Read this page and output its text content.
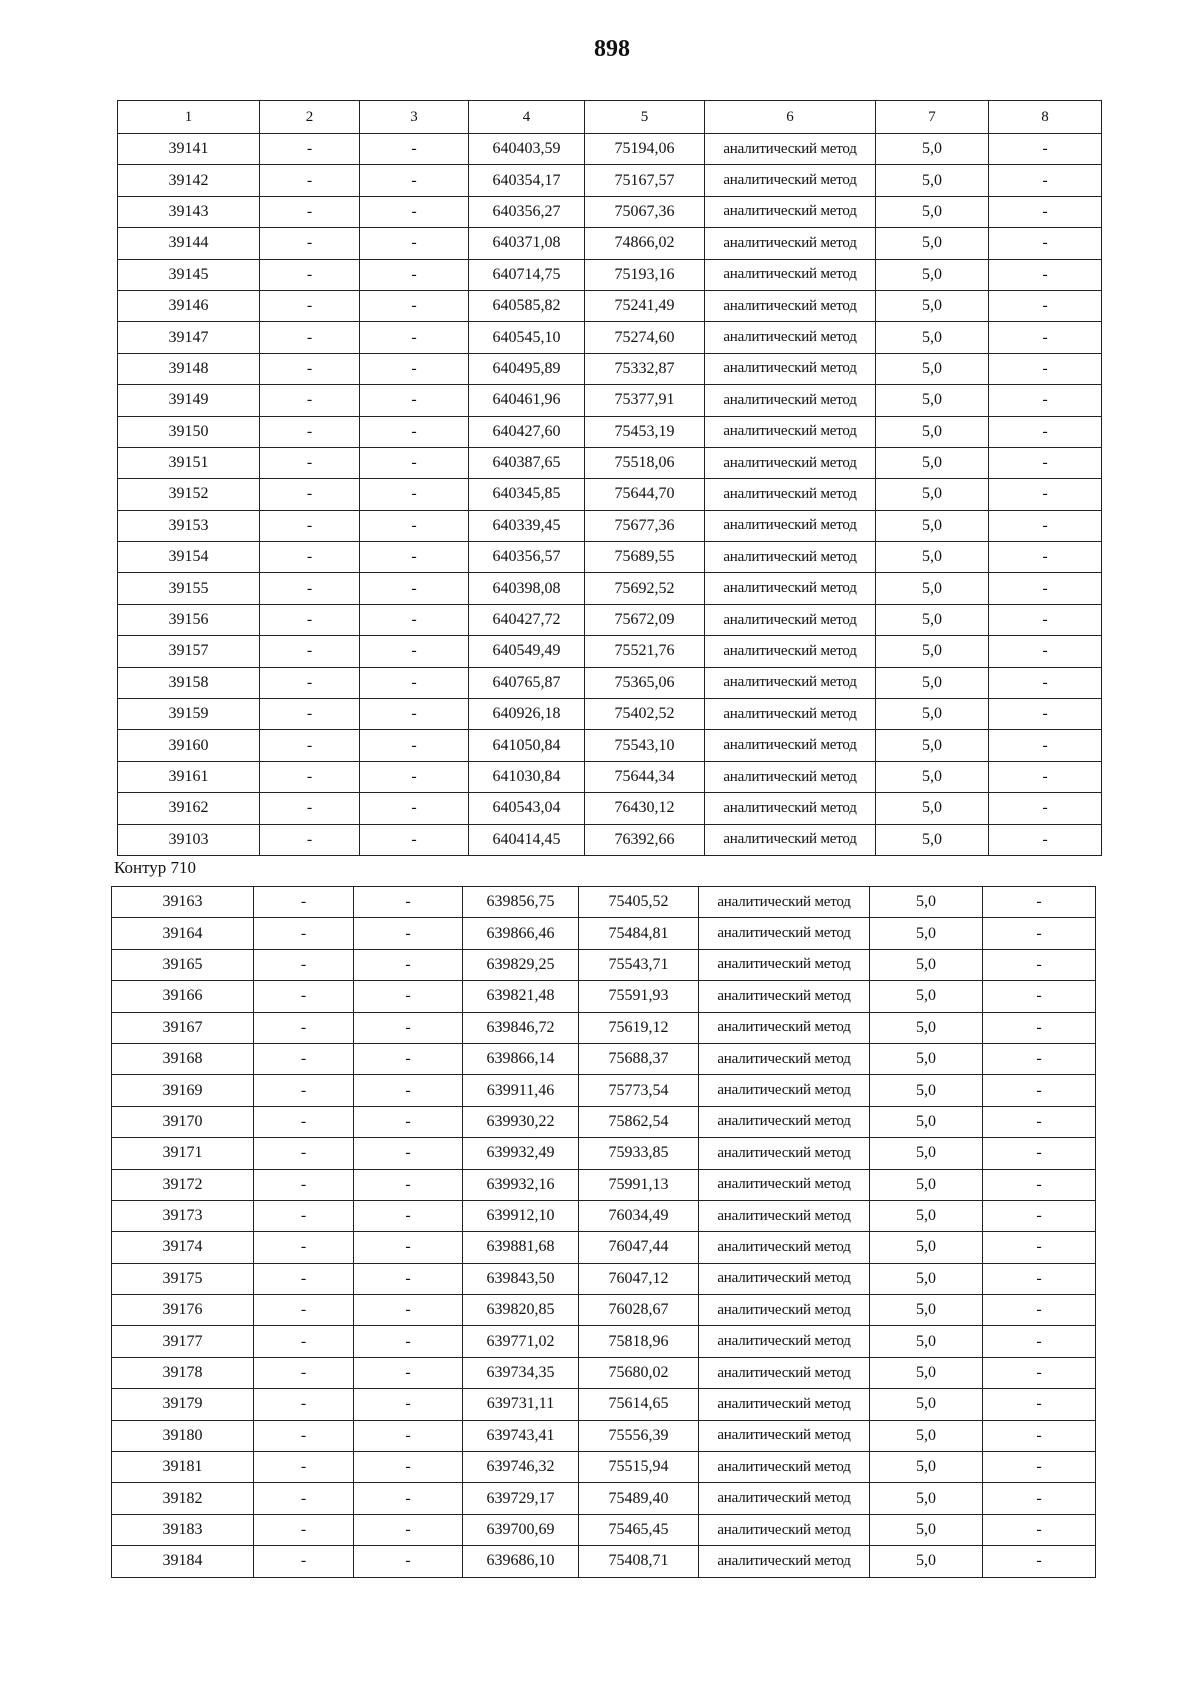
898
1	2	3	4	5	6	7	8
39141	-	-	640403,59	75194,06	аналитический метод	5,0	-
39142	-	-	640354,17	75167,57	аналитический метод	5,0	-
39143	-	-	640356,27	75067,36	аналитический метод	5,0	-
39144	-	-	640371,08	74866,02	аналитический метод	5,0	-
39145	-	-	640714,75	75193,16	аналитический метод	5,0	-
39146	-	-	640585,82	75241,49	аналитический метод	5,0	-
39147	-	-	640545,10	75274,60	аналитический метод	5,0	-
39148	-	-	640495,89	75332,87	аналитический метод	5,0	-
39149	-	-	640461,96	75377,91	аналитический метод	5,0	-
39150	-	-	640427,60	75453,19	аналитический метод	5,0	-
39151	-	-	640387,65	75518,06	аналитический метод	5,0	-
39152	-	-	640345,85	75644,70	аналитический метод	5,0	-
39153	-	-	640339,45	75677,36	аналитический метод	5,0	-
39154	-	-	640356,57	75689,55	аналитический метод	5,0	-
39155	-	-	640398,08	75692,52	аналитический метод	5,0	-
39156	-	-	640427,72	75672,09	аналитический метод	5,0	-
39157	-	-	640549,49	75521,76	аналитический метод	5,0	-
39158	-	-	640765,87	75365,06	аналитический метод	5,0	-
39159	-	-	640926,18	75402,52	аналитический метод	5,0	-
39160	-	-	641050,84	75543,10	аналитический метод	5,0	-
39161	-	-	641030,84	75644,34	аналитический метод	5,0	-
39162	-	-	640543,04	76430,12	аналитический метод	5,0	-
39103	-	-	640414,45	76392,66	аналитический метод	5,0	-
Контур 710
39163	-	-	639856,75	75405,52	аналитический метод	5,0	-
39164	-	-	639866,46	75484,81	аналитический метод	5,0	-
39165	-	-	639829,25	75543,71	аналитический метод	5,0	-
39166	-	-	639821,48	75591,93	аналитический метод	5,0	-
39167	-	-	639846,72	75619,12	аналитический метод	5,0	-
39168	-	-	639866,14	75688,37	аналитический метод	5,0	-
39169	-	-	639911,46	75773,54	аналитический метод	5,0	-
39170	-	-	639930,22	75862,54	аналитический метод	5,0	-
39171	-	-	639932,49	75933,85	аналитический метод	5,0	-
39172	-	-	639932,16	75991,13	аналитический метод	5,0	-
39173	-	-	639912,10	76034,49	аналитический метод	5,0	-
39174	-	-	639881,68	76047,44	аналитический метод	5,0	-
39175	-	-	639843,50	76047,12	аналитический метод	5,0	-
39176	-	-	639820,85	76028,67	аналитический метод	5,0	-
39177	-	-	639771,02	75818,96	аналитический метод	5,0	-
39178	-	-	639734,35	75680,02	аналитический метод	5,0	-
39179	-	-	639731,11	75614,65	аналитический метод	5,0	-
39180	-	-	639743,41	75556,39	аналитический метод	5,0	-
39181	-	-	639746,32	75515,94	аналитический метод	5,0	-
39182	-	-	639729,17	75489,40	аналитический метод	5,0	-
39183	-	-	639700,69	75465,45	аналитический метод	5,0	-
39184	-	-	639686,10	75408,71	аналитический метод	5,0	-
